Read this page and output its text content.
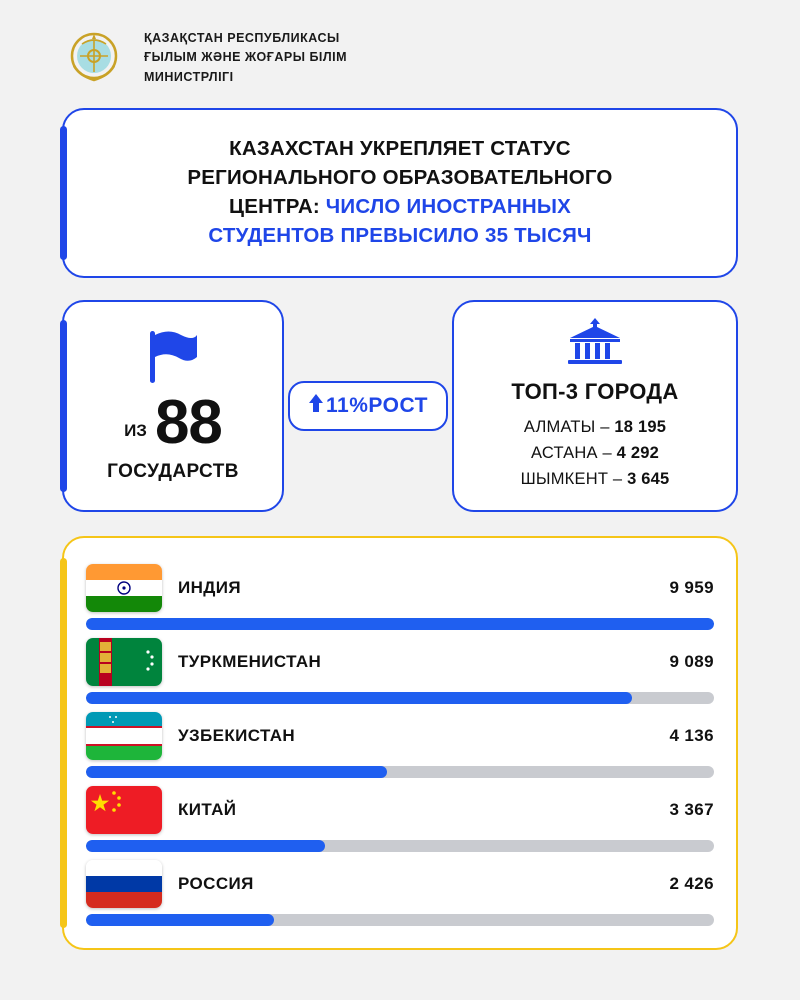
ҚАЗАҚСТАН РЕСПУБЛИКАСЫ
ҒЫЛЫМ ЖӘНЕ ЖОҒАРЫ БІЛІМ
МИНИСТРЛІГІ
КАЗАХСТАН УКРЕПЛЯЕТ СТАТУС
РЕГИОНАЛЬНОГО ОБРАЗОВАТЕЛЬНОГО
ЦЕНТРА: ЧИСЛО ИНОСТРАННЫХ
СТУДЕНТОВ ПРЕВЫСИЛО 35 ТЫСЯЧ
ИЗ 88
ГОСУДАРСТВ
11%РОСТ
ТОП-3 ГОРОДА
АЛМАТЫ – 18 195
АСТАНА – 4 292
ШЫМКЕНТ – 3 645
ИНДИЯ	9 959
ТУРКМЕНИСТАН	9 089
УЗБЕКИСТАН	4 136
КИТАЙ	3 367
РОССИЯ	2 426
